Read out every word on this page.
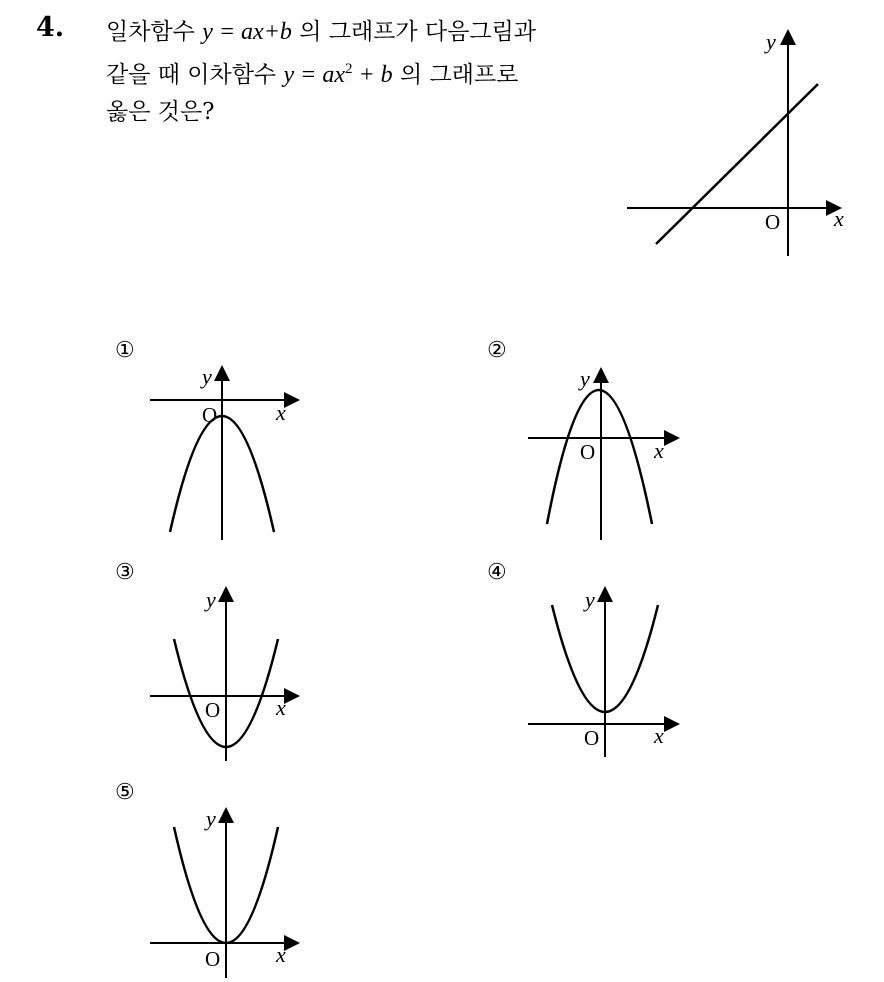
4. 일차함수 y = ax+b 의 그래프가 다음그림과
같을 때 이차함수 $y = ax^2 + b$ 의 그래프로
옳은 것은?
y
x
O
①
y
x
O
②
y
x
O
③
y
x
O
④
y
x
O
⑤
y
x
O
